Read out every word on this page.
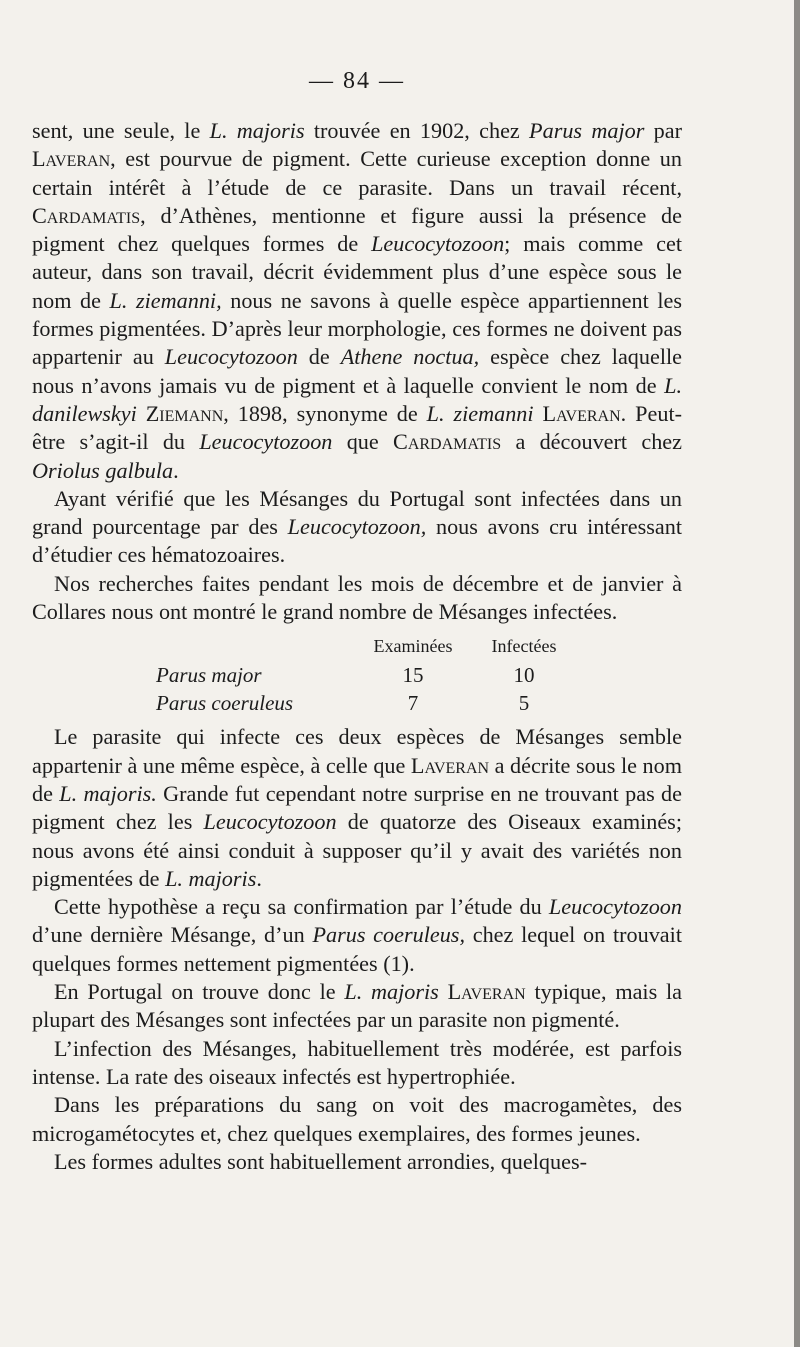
— 84 —

sent, une seule, le L. majoris trouvée en 1902, chez Parus major par Laveran, est pourvue de pigment. Cette curieuse exception donne un certain intérêt à l’étude de ce parasite. Dans un travail récent, Cardamatis, d’Athènes, mentionne et figure aussi la présence de pigment chez quelques formes de Leucocytozoon; mais comme cet auteur, dans son travail, décrit évidemment plus d’une espèce sous le nom de L. ziemanni, nous ne savons à quelle espèce appartiennent les formes pigmentées. D’après leur morphologie, ces formes ne doivent pas appartenir au Leucocytozoon de Athene noctua, espèce chez laquelle nous n’avons jamais vu de pigment et à laquelle convient le nom de L. danilewskyi Ziemann, 1898, synonyme de L. ziemanni Laveran. Peut-être s’agit-il du Leucocytozoon que Cardamatis a découvert chez Oriolus galbula.

Ayant vérifié que les Mésanges du Portugal sont infectées dans un grand pourcentage par des Leucocytozoon, nous avons cru intéressant d’étudier ces hématozoaires.

Nos recherches faites pendant les mois de décembre et de janvier à Collares nous ont montré le grand nombre de Mésanges infectées.

	Examinées	Infectées
Parus major	15	10
Parus coeruleus	7	5

Le parasite qui infecte ces deux espèces de Mésanges semble appartenir à une même espèce, à celle que Laveran a décrite sous le nom de L. majoris. Grande fut cependant notre surprise en ne trouvant pas de pigment chez les Leucocytozoon de quatorze des Oiseaux examinés; nous avons été ainsi conduit à supposer qu’il y avait des variétés non pigmentées de L. majoris.

Cette hypothèse a reçu sa confirmation par l’étude du Leucocytozoon d’une dernière Mésange, d’un Parus coeruleus, chez lequel on trouvait quelques formes nettement pigmentées (1).

En Portugal on trouve donc le L. majoris Laveran typique, mais la plupart des Mésanges sont infectées par un parasite non pigmenté.

L’infection des Mésanges, habituellement très modérée, est parfois intense. La rate des oiseaux infectés est hypertrophiée.

Dans les préparations du sang on voit des macrogamètes, des microgamétocytes et, chez quelques exemplaires, des formes jeunes.

Les formes adultes sont habituellement arrondies, quelques-
